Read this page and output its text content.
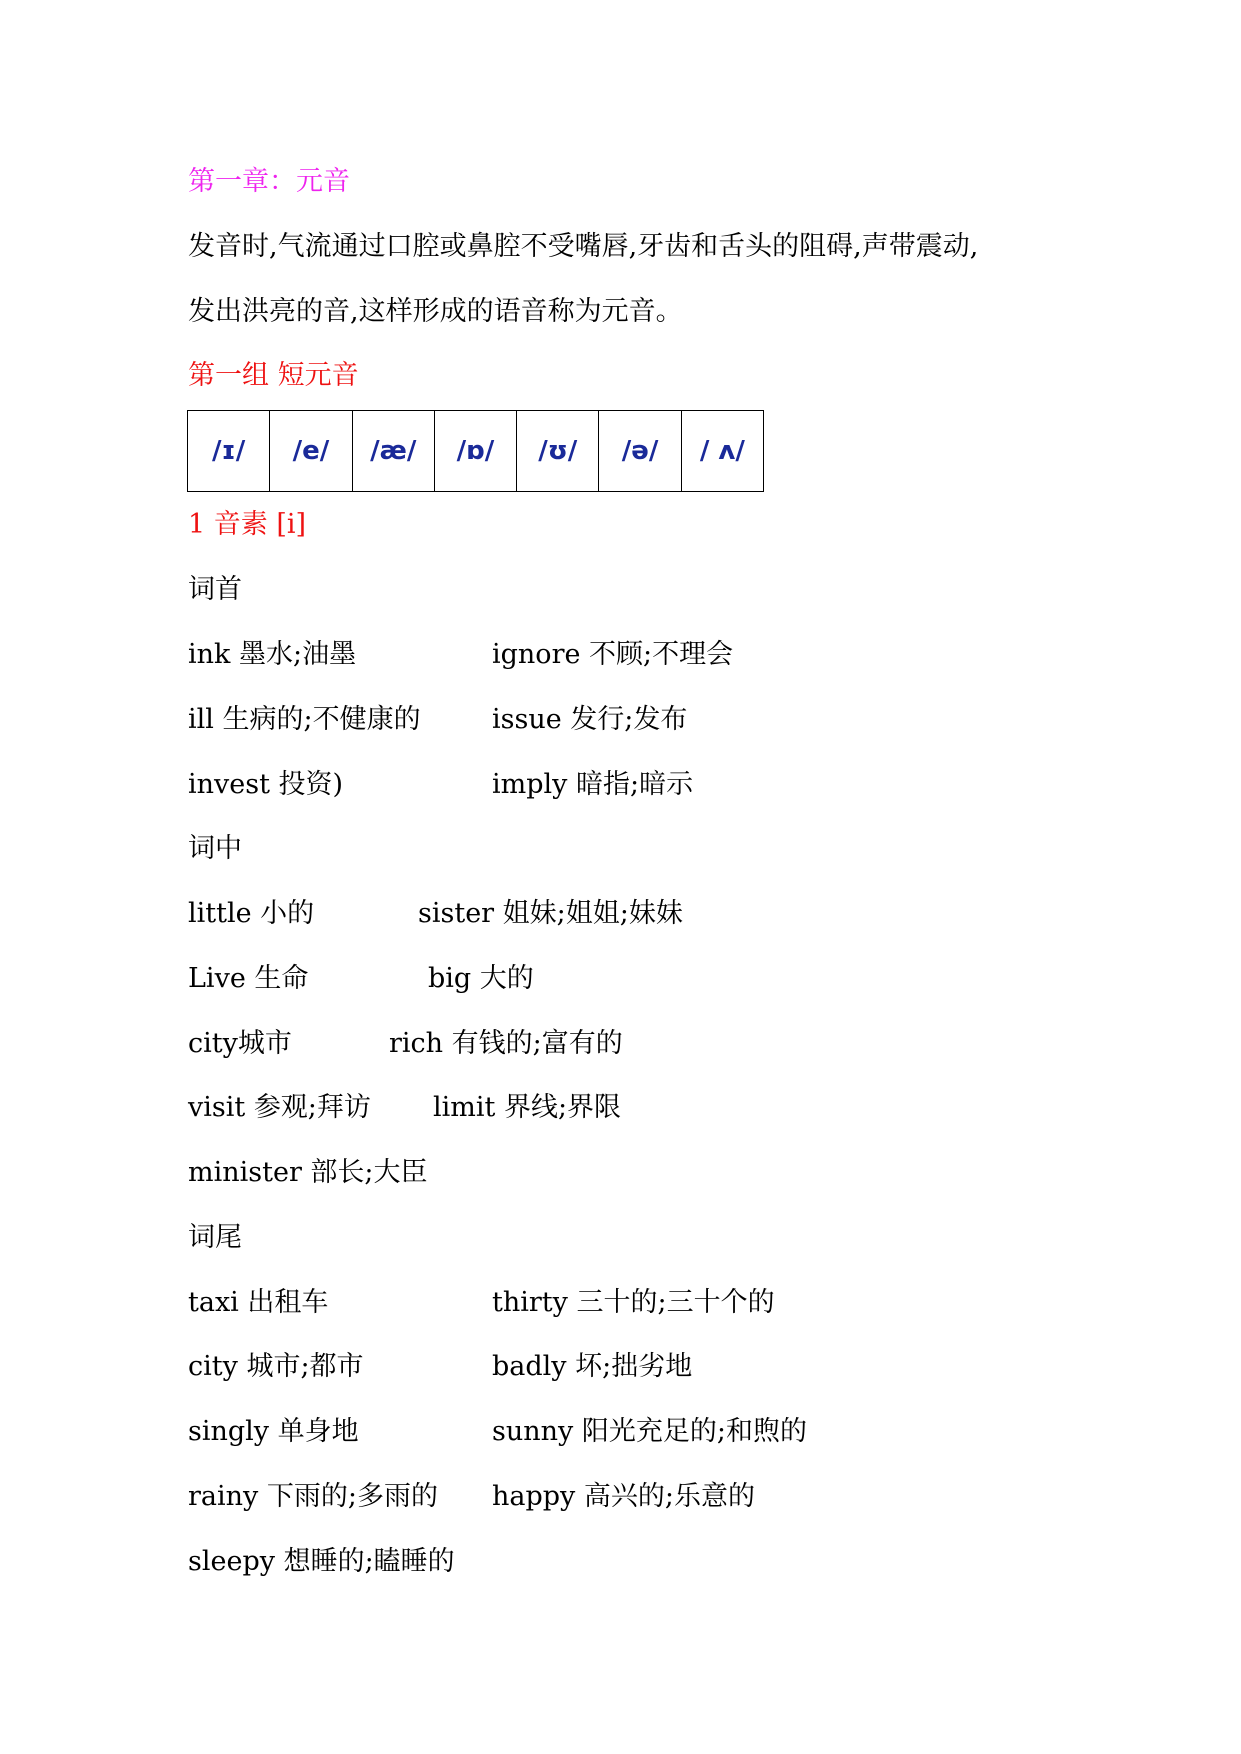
第一章：元音
发音时,气流通过口腔或鼻腔不受嘴唇,牙齿和舌头的阻碍,声带震动,
发出洪亮的音,这样形成的语音称为元音。
第一组 短元音
/ɪ/	/e/	/æ/	/ɒ/	/ʊ/	/ə/	/ ʌ/
1 音素 [i]
词首
ink 墨水;油墨	ignore 不顾;不理会
ill 生病的;不健康的	issue 发行;发布
invest 投资)	imply 暗指;暗示
词中
little 小的	sister 姐妹;姐姐;妹妹
Live 生命	big 大的
city城市	rich 有钱的;富有的
visit 参观;拜访 limit 界线;界限
minister 部长;大臣
词尾
taxi 出租车	thirty 三十的;三十个的
city 城市;都市	badly 坏;拙劣地
singly 单身地	sunny 阳光充足的;和煦的
rainy 下雨的;多雨的 happy 高兴的;乐意的
sleepy 想睡的;瞌睡的
